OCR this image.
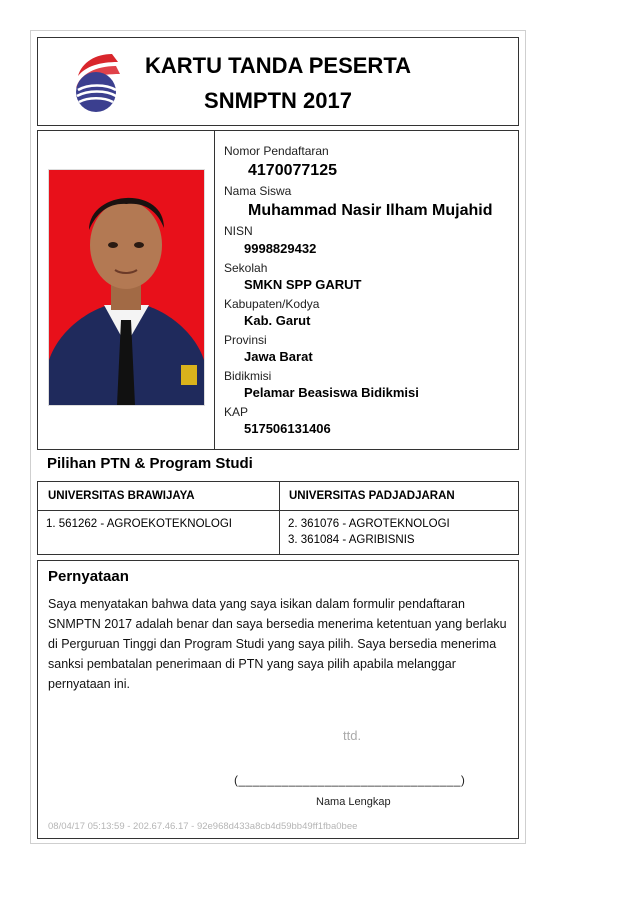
KARTU TANDA PESERTA
SNMPTN 2017
Nomor Pendaftaran
4170077125
Nama Siswa
Muhammad Nasir Ilham Mujahid
NISN
9998829432
Sekolah
SMKN SPP GARUT
Kabupaten/Kodya
Kab. Garut
Provinsi
Jawa Barat
Bidikmisi
Pelamar Beasiswa Bidikmisi
KAP
517506131406
Pilihan PTN & Program Studi
UNIVERSITAS BRAWIJAYA	UNIVERSITAS PADJADJARAN
1. 561262 - AGROEKOTEKNOLOGI	2. 361076 - AGROTEKNOLOGI
3. 361084 - AGRIBISNIS
Pernyataan
Saya menyatakan bahwa data yang saya isikan dalam formulir pendaftaran SNMPTN 2017 adalah benar dan saya bersedia menerima ketentuan yang berlaku di Perguruan Tinggi dan Program Studi yang saya pilih. Saya bersedia menerima sanksi pembatalan penerimaan di PTN yang saya pilih apabila melanggar pernyataan ini.
ttd.
(_______________________________)
Nama Lengkap
08/04/17 05:13:59 - 202.67.46.17 - 92e968d433a8cb4d59bb49ff1fba0bee
